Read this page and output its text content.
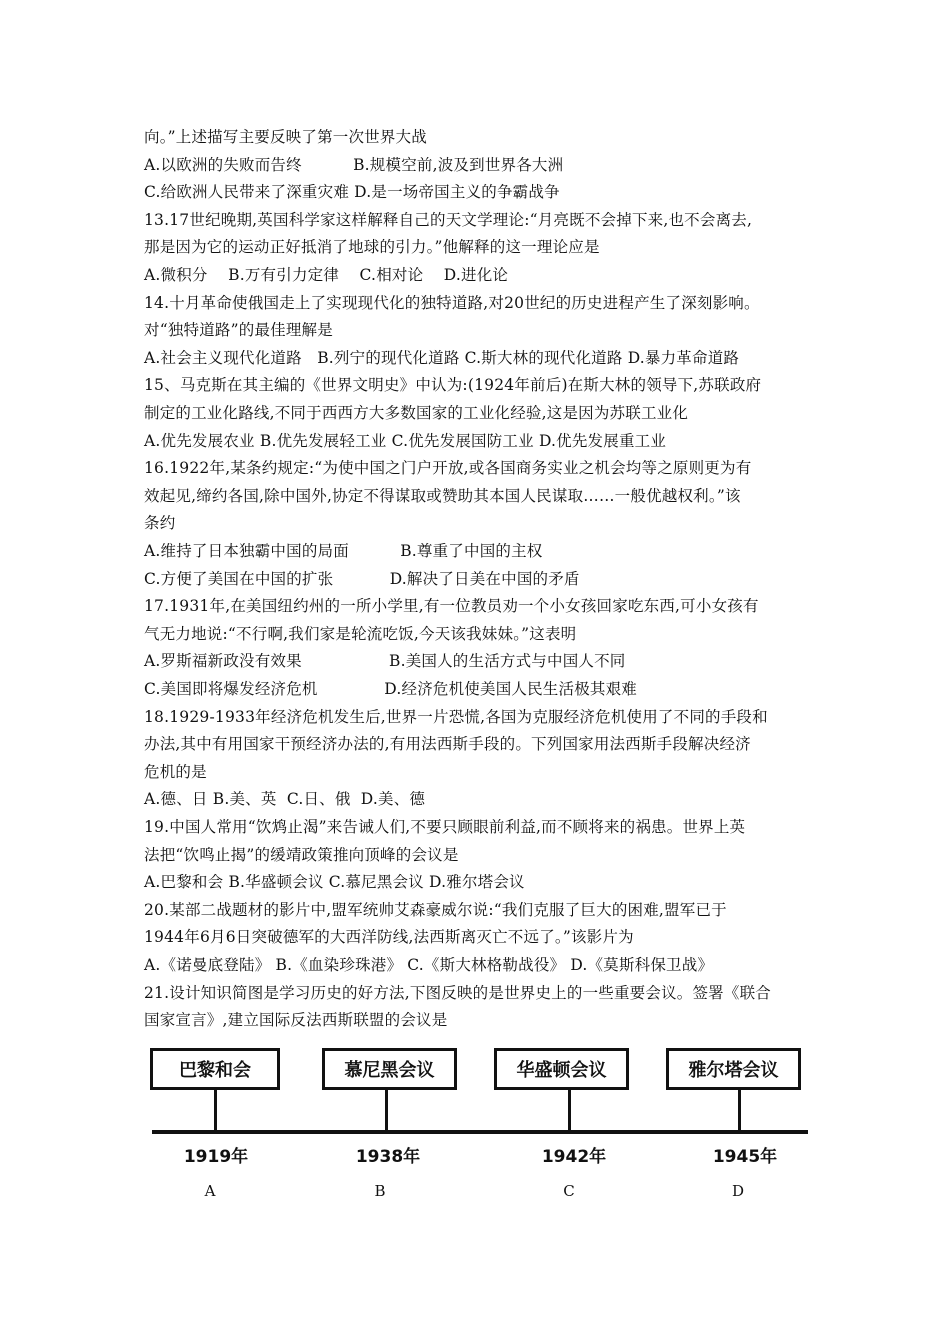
向。”上述描写主要反映了第一次世界大战
A.以欧洲的失败而告终          B.规模空前,波及到世界各大洲
C.给欧洲人民带来了深重灾难 D.是一场帝国主义的争霸战争
13.17世纪晚期,英国科学家这样解释自己的天文学理论:“月亮既不会掉下来,也不会离去,
那是因为它的运动正好抵消了地球的引力。”他解释的这一理论应是
A.微积分    B.万有引力定律    C.相对论    D.进化论
14.十月革命使俄国走上了实现现代化的独特道路,对20世纪的历史进程产生了深刻影响。
对“独特道路”的最佳理解是
A.社会主义现代化道路   B.列宁的现代化道路 C.斯大林的现代化道路 D.暴力革命道路
15、马克斯在其主编的《世界文明史》中认为:(1924年前后)在斯大林的领导下,苏联政府
制定的工业化路线,不同于西西方大多数国家的工业化经验,这是因为苏联工业化
A.优先发展农业 B.优先发展轻工业 C.优先发展国防工业 D.优先发展重工业
16.1922年,某条约规定:“为使中国之门户开放,或各国商务实业之机会均等之原则更为有
效起见,缔约各国,除中国外,协定不得谋取或赞助其本国人民谋取……一般优越权利。”该
条约
A.维持了日本独霸中国的局面          B.尊重了中国的主权
C.方便了美国在中国的扩张           D.解决了日美在中国的矛盾
17.1931年,在美国纽约州的一所小学里,有一位教员劝一个小女孩回家吃东西,可小女孩有
气无力地说:“不行啊,我们家是轮流吃饭,今天该我妹妹。”这表明
A.罗斯福新政没有效果                 B.美国人的生活方式与中国人不同
C.美国即将爆发经济危机             D.经济危机使美国人民生活极其艰难
18.1929-1933年经济危机发生后,世界一片恐慌,各国为克服经济危机使用了不同的手段和
办法,其中有用国家干预经济办法的,有用法西斯手段的。下列国家用法西斯手段解决经济
危机的是
A.德、日 B.美、英  C.日、俄  D.美、德
19.中国人常用“饮鸩止渴”来告诫人们,不要只顾眼前利益,而不顾将来的祸患。世界上英
法把“饮鸣止揭”的缓靖政策推向顶峰的会议是
A.巴黎和会 B.华盛顿会议 C.慕尼黑会议 D.雅尔塔会议
20.某部二战题材的影片中,盟军统帅艾森豪威尔说:“我们克服了巨大的困难,盟军已于
1944年6月6日突破德军的大西洋防线,法西斯离灭亡不远了。”该影片为
A.《诺曼底登陆》 B.《血染珍珠港》 C.《斯大林格勒战役》 D.《莫斯科保卫战》
21.设计知识简图是学习历史的好方法,下图反映的是世界史上的一些重要会议。签署《联合
国家宣言》,建立国际反法西斯联盟的会议是
巴黎和会
1919年
A
慕尼黑会议
1938年
B
华盛顿会议
1942年
C
雅尔塔会议
1945年
D
